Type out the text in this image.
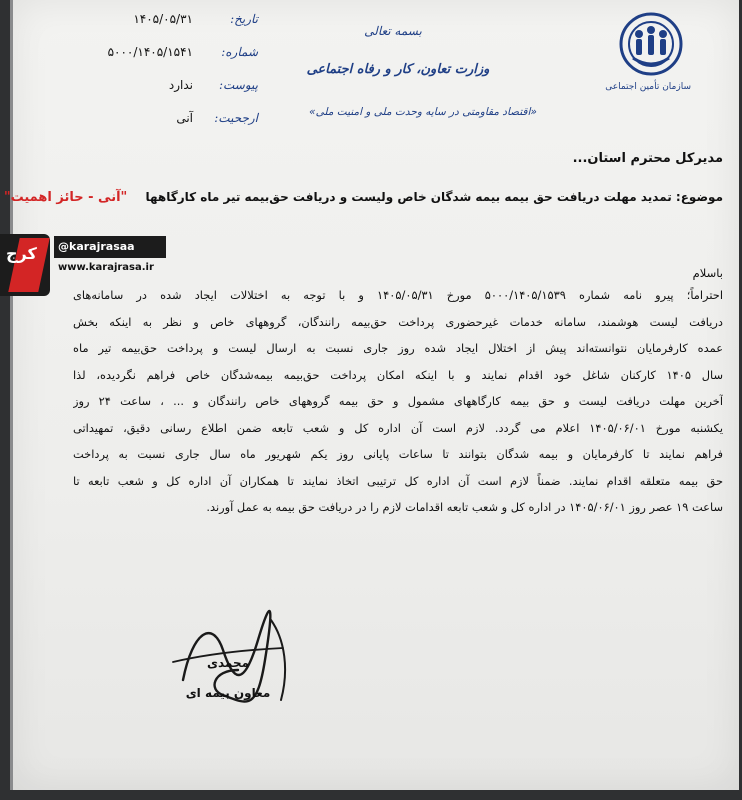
سازمان تأمین اجتماعی
بسمه تعالی
وزارت تعاون، کار و رفاه اجتماعی
«اقتصاد مقاومتی در سایه وحدت ملی و امنیت ملی»
تاریخ:
۱۴۰۵/۰۵/۳۱
شماره:
۵۰۰۰/۱۴۰۵/۱۵۴۱
پیوست:
ندارد
ارجحیت:
آنی
مدیرکل محترم استان...
موضوع: تمدید مهلت دریافت حق بیمه بیمه شدگان خاص ولیست و دریافت حق‌بیمه تیر ماه کارگاهها "آنی - حائز اهمیت"
باسلام
احتراماً؛ پیرو نامه شماره ۵۰۰۰/۱۴۰۵/۱۵۳۹ مورخ ۱۴۰۵/۰۵/۳۱ و با توجه به اختلالات ایجاد شده در سامانه‌های
دریافت لیست هوشمند، سامانه خدمات غیرحضوری پرداخت حق‌بیمه رانندگان، گروههای خاص و نظر به اینکه بخش
عمده کارفرمایان نتوانسته‌اند پیش از اختلال ایجاد شده روز جاری نسبت به ارسال لیست و پرداخت حق‌بیمه تیر ماه
سال ۱۴۰۵ کارکنان شاغل خود اقدام نمایند و با اینکه امکان پرداخت حق‌بیمه بیمه‌شدگان خاص فراهم نگردیده، لذا
آخرین مهلت دریافت لیست و حق بیمه کارگاههای مشمول و حق بیمه گروههای خاص رانندگان و ... ، ساعت ۲۴ روز
یکشنبه مورخ ۱۴۰۵/۰۶/۰۱ اعلام می گردد. لازم است آن اداره کل و شعب تابعه ضمن اطلاع رسانی دقیق، تمهیداتی
فراهم نمایند تا کارفرمایان و بیمه شدگان بتوانند تا ساعات پایانی روز یکم شهریور ماه سال جاری نسبت به پرداخت
حق بیمه متعلقه اقدام نمایند. ضمناً لازم است آن اداره کل ترتیبی اتخاذ نمایند تا همکاران آن اداره کل و شعب تابعه تا
ساعت ۱۹ عصر روز ۱۴۰۵/۰۶/۰۱ در اداره کل و شعب تابعه اقدامات لازم را در دریافت حق بیمه به عمل آورند.
محمدی
معاون بیمه ای
کرج	@karajrasaa
www.karajrasa.ir
